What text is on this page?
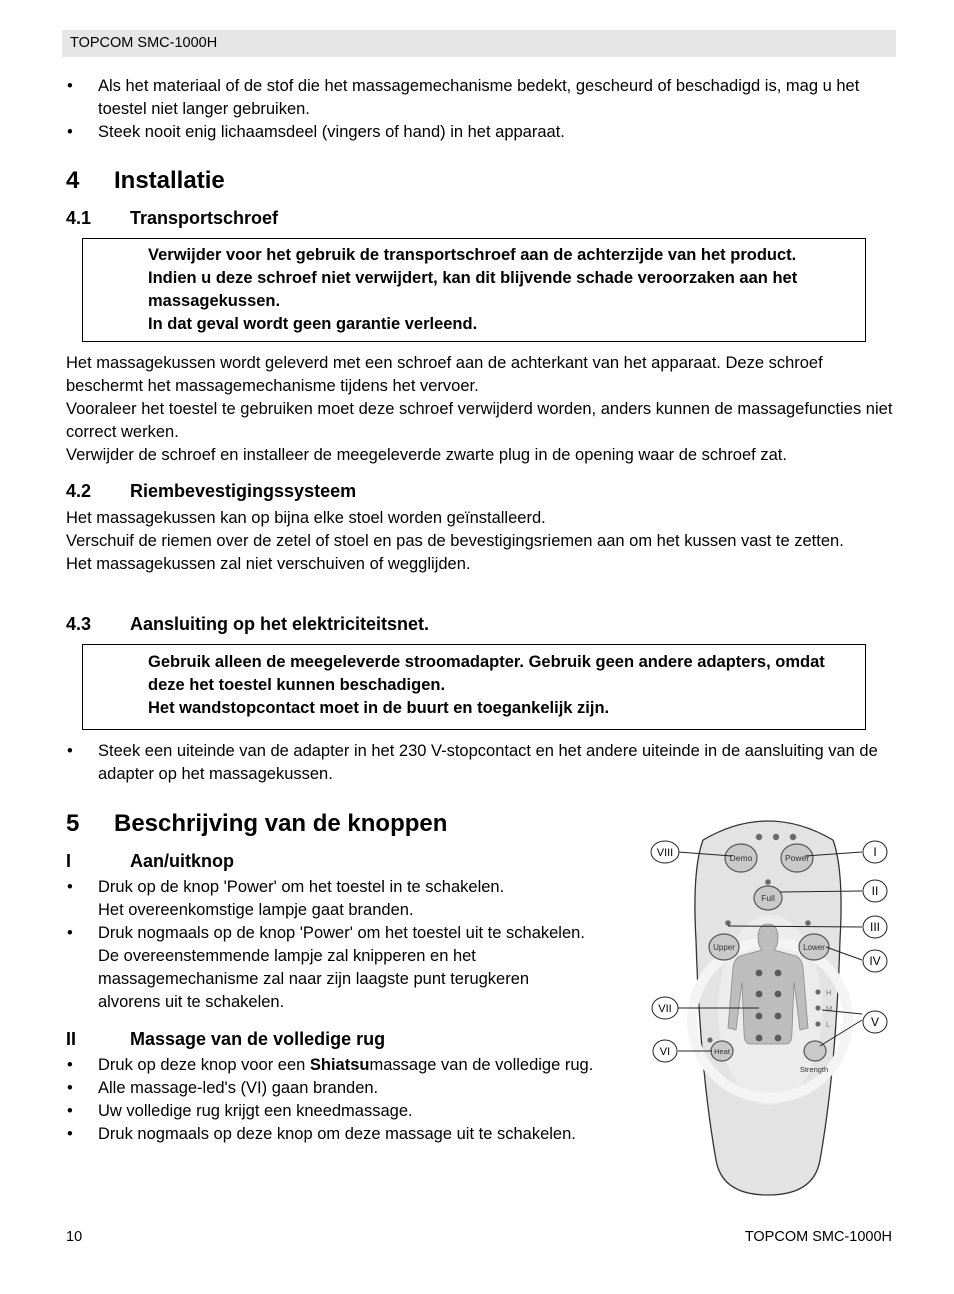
TOPCOM SMC-1000H
• Als het materiaal of de stof die het massagemechanisme bedekt, gescheurd of beschadigd is, mag u het toestel niet langer gebruiken.
• Steek nooit enig lichaamsdeel (vingers of hand) in het apparaat.
4 Installatie
4.1 Transportschroef

Verwijder voor het gebruik de transportschroef aan de achterzijde van het product.

Indien u deze schroef niet verwijdert, kan dit blijvende schade veroorzaken aan het massagekussen.

In dat geval wordt geen garantie verleend.

Het massagekussen wordt geleverd met een schroef aan de achterkant van het apparaat. Deze schroef beschermt het massagemechanisme tijdens het vervoer.

Vooraleer het toestel te gebruiken moet deze schroef verwijderd worden, anders kunnen de massagefuncties niet correct werken.

Verwijder de schroef en installeer de meegeleverde zwarte plug in de opening waar de schroef zat.

4.2 Riembevestigingssysteem

Het massagekussen kan op bijna elke stoel worden geïnstalleerd.

Verschuif de riemen over de zetel of stoel en pas de bevestigingsriemen aan om het kussen vast te zetten.

Het massagekussen zal niet verschuiven of wegglijden.

4.3 Aansluiting op het elektriciteitsnet.

Gebruik alleen de meegeleverde stroomadapter. Gebruik geen andere adapters, omdat deze het toestel kunnen beschadigen.

Het wandstopcontact moet in de buurt en toegankelijk zijn.

• Steek een uiteinde van de adapter in het 230 V-stopcontact en het andere uiteinde in de aansluiting van de adapter op het massagekussen.
5 Beschrijving van de knoppen
I	Aan/uitknop
• Druk op de knop 'Power' om het toestel in te schakelen.
Het overeenkomstige lampje gaat branden.
• Druk nogmaals op de knop 'Power' om het toestel uit te schakelen.
De overeenstemmende lampje zal knipperen en het
massagemechanisme zal naar zijn laagste punt terugkeren
alvorens uit te schakelen.
II	Massage van de volledige rug
• Druk op deze knop voor een Shiatsumassage van de volledige rug.
• Alle massage-led's (VI) gaan branden.
• Uw volledige rug krijgt een kneedmassage.
• Druk nogmaals op deze knop om deze massage uit te schakelen.
Demo	Power
Full
Upper	Lower
H
M
L
Heat
Strength
VIII	I
II
III
IV
VII
V
VI
10	TOPCOM SMC-1000H
